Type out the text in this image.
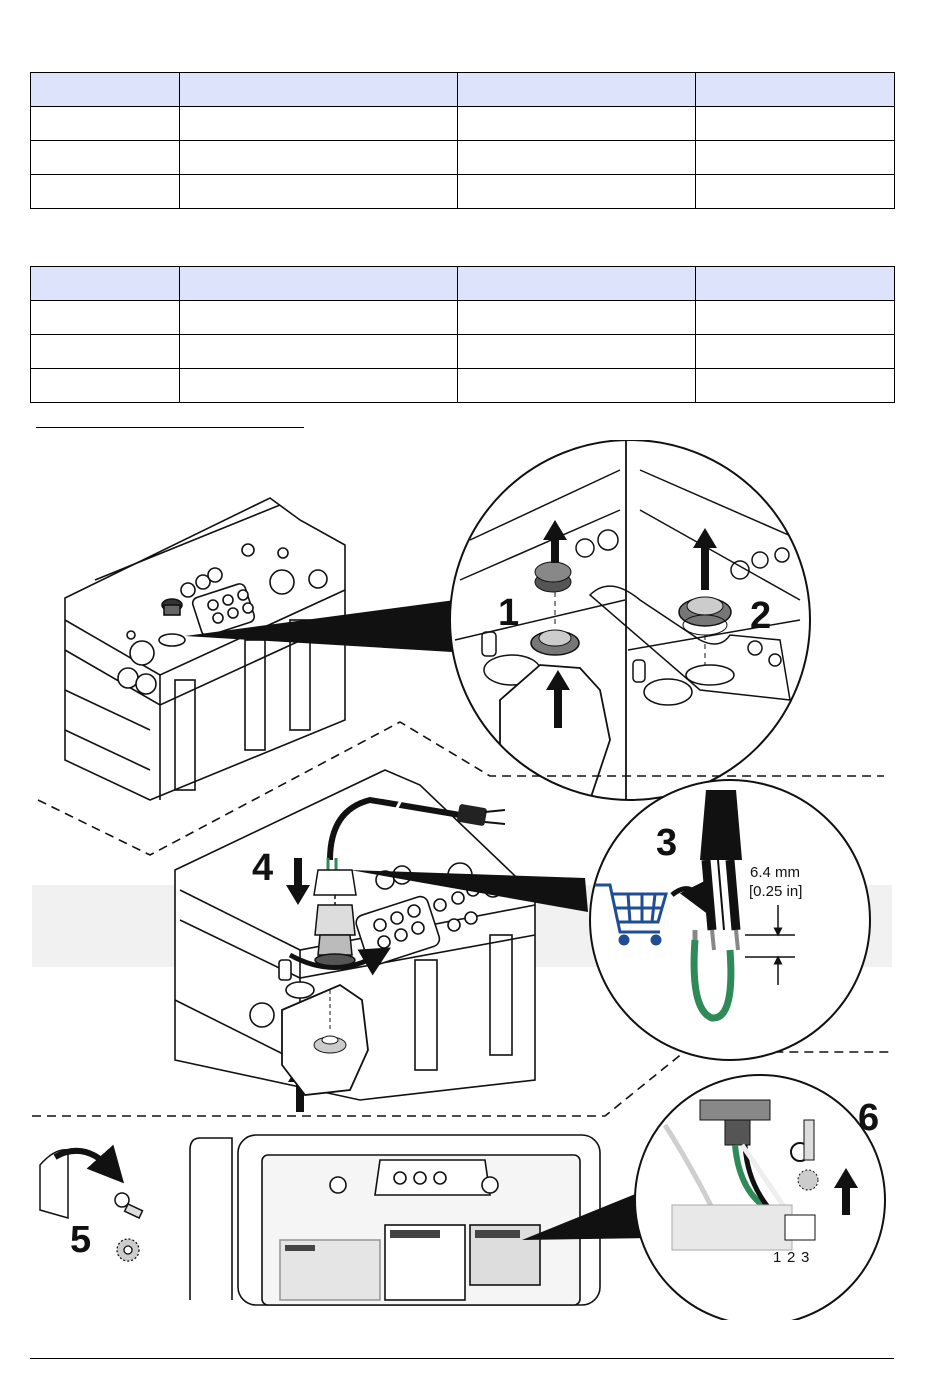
1	2
4
3
6.4 mm
[0.25 in]
5
6
1 2 3
